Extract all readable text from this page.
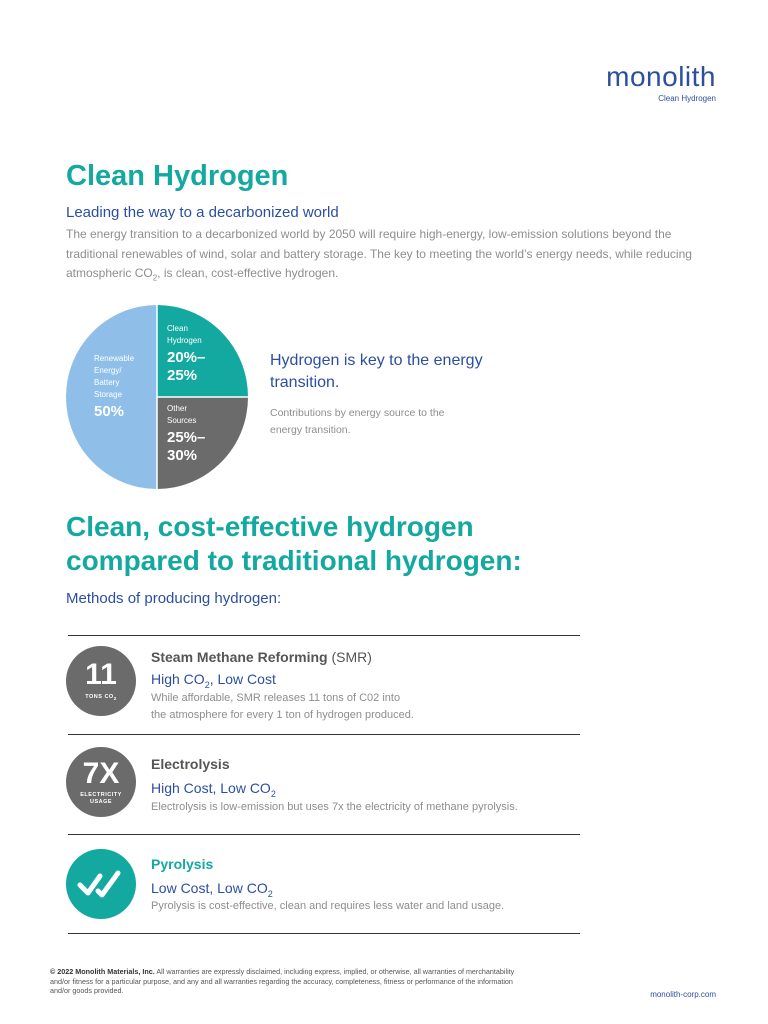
monolith
Clean Hydrogen
Clean Hydrogen
Leading the way to a decarbonized world

The energy transition to a decarbonized world by 2050 will require high-energy, low-emission solutions beyond the traditional renewables of wind, solar and battery storage. The key to meeting the world’s energy needs, while reducing atmospheric $CO_2$, is clean, cost-effective hydrogen.

Renewable
Energy/
Battery
Storage
50%
Clean
Hydrogen
20%–
25%
Other
Sources
25%–
30%
Hydrogen is key to the energy transition.
Contributions by energy source to the energy transition.
Clean, cost-effective hydrogen
compared to traditional hydrogen:
Methods of producing hydrogen:
11
TONS $CO_2$
Steam Methane Reforming (SMR)
High $CO_2$, Low Cost
While affordable, SMR releases 11 tons of C02 into
the atmosphere for every 1 ton of hydrogen produced.
7X
ELECTRICITY
USAGE
Electrolysis
High Cost, Low $CO_2$
Electrolysis is low-emission but uses 7x the electricity of methane pyrolysis.
Pyrolysis
Low Cost, Low $CO_2$
Pyrolysis is cost-effective, clean and requires less water and land usage.

© 2022 Monolith Materials, Inc. All warranties are expressly disclaimed, including express, implied, or otherwise, all warranties of merchantability and/or fitness for a particular purpose, and any and all warranties regarding the accuracy, completeness, fitness or performance of the information and/or goods provided.	monolith-corp.com
